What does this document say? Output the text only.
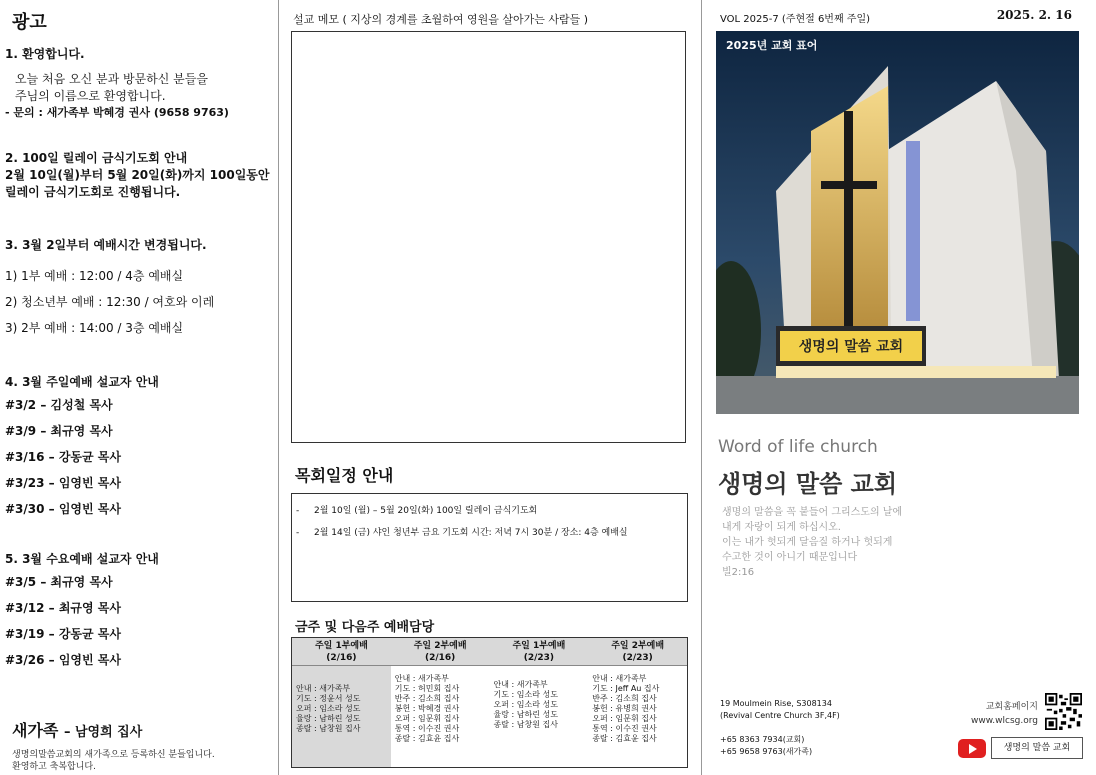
광고
1. 환영합니다.
오늘 처음 오신 분과 방문하신 분들을
주님의 이름으로 환영합니다.
- 문의 : 새가족부 박혜경 권사 (9658 9763)
2. 100일 릴레이 금식기도회 안내
2월 10일(월)부터 5월 20일(화)까지 100일동안
릴레이 금식기도회로 진행됩니다.
3. 3월 2일부터 예배시간 변경됩니다.
1) 1부 예배 : 12:00 / 4층 예배실
2) 청소년부 예배 : 12:30 / 여호와 이레
3) 2부 예배 : 14:00 / 3층 예배실
4. 3월 주일예배 설교자 안내
#3/2 – 김성철 목사
#3/9 – 최규영 목사
#3/16 – 강동균 목사
#3/23 – 임영빈 목사
#3/30 – 임영빈 목사
5. 3월 수요예배 설교자 안내
#3/5 – 최규영 목사
#3/12 – 최규영 목사
#3/19 – 강동균 목사
#3/26 – 임영빈 목사
새가족 – 남영희 집사
생명의말씀교회의 새가족으로 등록하신 분들입니다.
환영하고 축복합니다.
설교 메모 ( 지상의 경계를 초월하여 영원을 살아가는 사람들 )
목회일정 안내
- 2월 10일 (월) – 5월 20일(화) 100일 릴레이 금식기도회
- 2월 14일 (금) 샤인 청년부 금요 기도회 시간: 저녁 7시 30분 / 장소: 4층 예배실
금주 및 다음주 예배담당
주일 1부예배
(2/16)
안내 : 새가족부
기도 : 정윤서 성도
오퍼 : 임소라 성도
율랑 : 남하린 성도
종랄 : 남창원 집사
주일 2부예배
(2/16)
안내 : 새가족부
기도 : 허민회 집사
반주 : 김소희 집사
봉헌 : 박혜경 권사
오퍼 : 임문휘 집사
통역 : 이수진 권사
종랄 : 김효윤 집사
주일 1부예배
(2/23)
안내 : 새가족부
기도 : 임소라 성도
오퍼 : 임소라 성도
율랑 : 남하린 성도
종랄 : 남창원 집사
주일 2부예배
(2/23)
안내 : 새가족부
기도 : Jeff Au 집사
반주 : 김소희 집사
봉헌 : 유병희 권사
오퍼 : 임문휘 집사
통역 : 이수진 권사
종랄 : 김효윤 집사
VOL 2025-7 (주현절 6번째 주일)	2025. 2. 16
2025년 교회 표어
생명의 말씀 교회
Word of life church
생명의 말씀 교회
생명의 말씀을 꼭 붙들어 그리스도의 날에
내게 자랑이 되게 하십시오.
이는 내가 헛되게 달음질 하거나 헛되게
수고한 것이 아니기 때문입니다
빌2:16
19 Moulmein Rise, S308134
(Revival Centre Church 3F,4F)
+65 8363 7934(교회)
+65 9658 9763(새가족)
교회홈페이지
www.wlcsg.org
생명의 말씀 교회
